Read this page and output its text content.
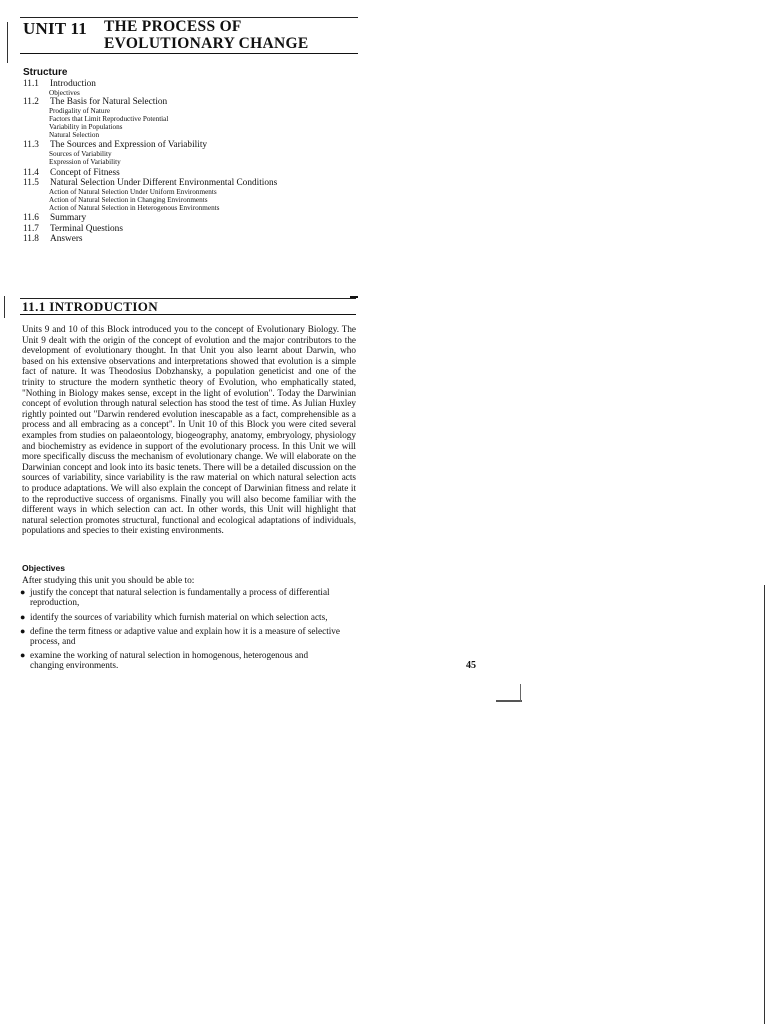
UNIT 11 THE PROCESS OF
EVOLUTIONARY CHANGE
Structure
11.1	Introduction
Objectives
11.2	The Basis for Natural Selection
Prodigality of Nature
Factors that Limit Reproductive Potential
Variability in Populations
Natural Selection
11.3	The Sources and Expression of Variability
Sources of Variability
Expression of Variability
11.4	Concept of Fitness
11.5	Natural Selection Under Different Environmental Conditions
Action of Natural Selection Under Uniform Environments
Action of Natural Selection in Changing Environments
Action of Natural Selection in Heterogenous Environments
11.6	Summary
11.7	Terminal Questions
11.8	Answers
11.1 INTRODUCTION

Units 9 and 10 of this Block introduced you to the concept of Evolutionary Biology. The Unit 9 dealt with the origin of the concept of evolution and the major contributors to the development of evolutionary thought. In that Unit you also learnt about Darwin, who based on his extensive observations and interpretations showed that evolution is a simple fact of nature. It was Theodosius Dobzhansky, a population geneticist and one of the trinity to structure the modern synthetic theory of Evolution, who emphatically stated, "Nothing in Biology makes sense, except in the light of evolution". Today the Darwinian concept of evolution through natural selection has stood the test of time. As Julian Huxley rightly pointed out "Darwin rendered evolution inescapable as a fact, comprehensible as a process and all embracing as a concept". In Unit 10 of this Block you were cited several examples from studies on palaeontology, biogeography, anatomy, embryology, physiology and biochemistry as evidence in support of the evolutionary process. In this Unit we will more specifically discuss the mechanism of evolutionary change. We will elaborate on the Darwinian concept and look into its basic tenets. There will be a detailed discussion on the sources of variability, since variability is the raw material on which natural selection acts to produce adaptations. We will also explain the concept of Darwinian fitness and relate it to the reproductive success of organisms. Finally you will also become familiar with the different ways in which selection can act. In other words, this Unit will highlight that natural selection promotes structural, functional and ecological adaptations of individuals, populations and species to their existing environments.

Objectives
After studying this unit you should be able to:
● justify the concept that natural selection is fundamentally a process of differential reproduction,
● identify the sources of variability which furnish material on which selection acts,
● define the term fitness or adaptive value and explain how it is a measure of selective process, and
● examine the working of natural selection in homogenous, heterogenous and changing environments.	45
